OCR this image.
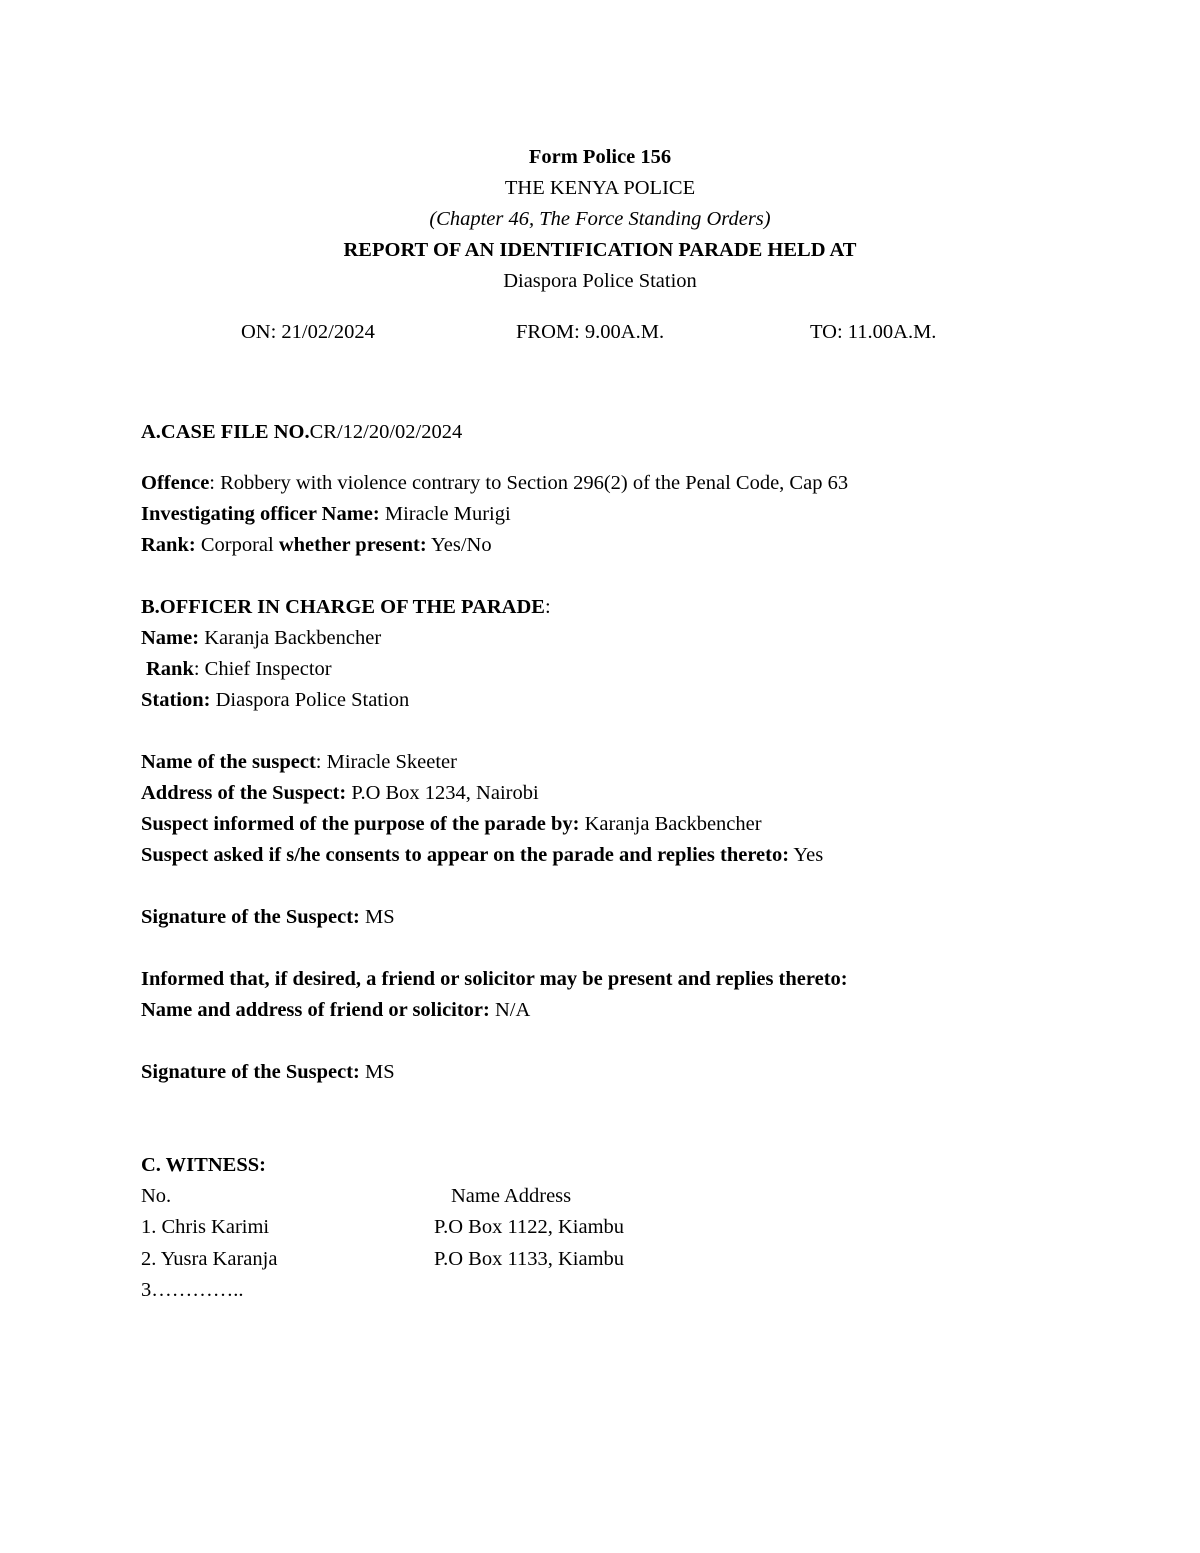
Form Police 156
THE KENYA POLICE
(Chapter 46, The Force Standing Orders)
REPORT OF AN IDENTIFICATION PARADE HELD AT
Diaspora Police Station
ON: 21/02/2024	FROM: 9.00A.M.	TO: 11.00A.M.
A.CASE FILE NO.CR/12/20/02/2024
Offence: Robbery with violence contrary to Section 296(2) of the Penal Code, Cap 63
Investigating officer Name: Miracle Murigi
Rank: Corporal whether present: Yes/No
B.OFFICER IN CHARGE OF THE PARADE:
Name: Karanja Backbencher
Rank: Chief Inspector
Station: Diaspora Police Station
Name of the suspect: Miracle Skeeter
Address of the Suspect: P.O Box 1234, Nairobi
Suspect informed of the purpose of the parade by: Karanja Backbencher
Suspect asked if s/he consents to appear on the parade and replies thereto: Yes
Signature of the Suspect: MS
Informed that, if desired, a friend or solicitor may be present and replies thereto:
Name and address of friend or solicitor: N/A
Signature of the Suspect: MS
C. WITNESS:
No.	Name Address
1. Chris Karimi	P.O Box 1122, Kiambu
2. Yusra Karanja	P.O Box 1133, Kiambu
3…………..
